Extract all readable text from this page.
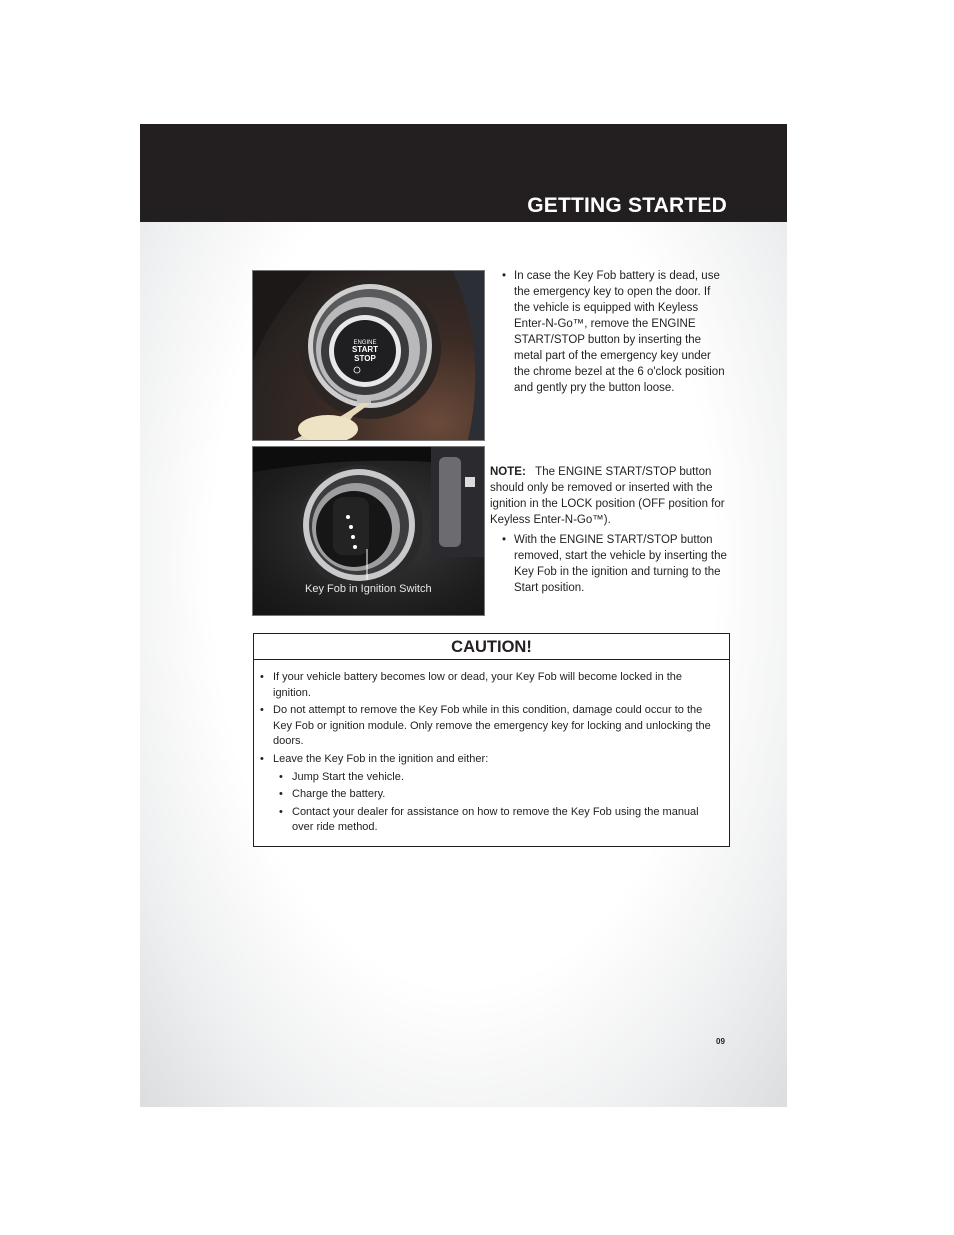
GETTING STARTED
ENGINE
START
STOP
Key Fob in Ignition Switch
• In case the Key Fob battery is dead, use the emergency key to open the door. If the vehicle is equipped with Keyless Enter-N-Go™, remove the ENGINE START/STOP button by inserting the metal part of the emergency key under the chrome bezel at the 6 o'clock position and gently pry the button loose.
NOTE: The ENGINE START/STOP button should only be removed or inserted with the ignition in the LOCK position (OFF position for Keyless Enter-N-Go™).
• With the ENGINE START/STOP button removed, start the vehicle by inserting the Key Fob in the ignition and turning to the Start position.
CAUTION!
• If your vehicle battery becomes low or dead, your Key Fob will become locked in the ignition.
• Do not attempt to remove the Key Fob while in this condition, damage could occur to the Key Fob or ignition module. Only remove the emergency key for locking and unlocking the doors.
• Leave the Key Fob in the ignition and either:
• Jump Start the vehicle.
• Charge the battery.
• Contact your dealer for assistance on how to remove the Key Fob using the manual over ride method.
09
